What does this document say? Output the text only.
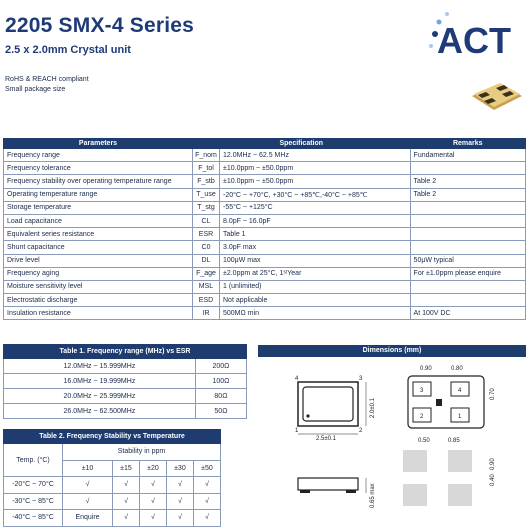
2205 SMX-4 Series
2.5 x 2.0mm Crystal unit
RoHS & REACH compliant
Small package size
ACT
Parameters	Specification		Remarks
Frequency range	F_nom	12.0MHz ~ 62.5 MHz	Fundamental
Frequency tolerance	F_tol	±10.0ppm ~ ±50.0ppm	
Frequency stability over operating temperature range	F_stb	±10.0ppm ~ ±50.0ppm	Table 2
Operating temperature range	T_use	-20°C ~ +70°C, +30°C ~ +85℃,-40°C ~ +85℃	Table 2
Storage temperature	T_stg	-55°C ~ +125°C	
Load capacitance	CL	8.0pF ~ 16.0pF	
Equivalent series resistance	ESR	Table 1	
Shunt capacitance	C0	3.0pF max	
Drive level	DL	100μW max	50μW typical
Frequency aging	F_age	±2.0ppm at 25°C, 1ˢᵗYear	For ±1.0ppm please enquire
Moisture sensitivity level	MSL	1 (unlimited)	
Electrostatic discharge	ESD	Not applicable	
Insulation resistance	IR	500MΩ min	At 100V DC
Table 1. Frequency range (MHz) vs ESR	
12.0MHz ~ 15.999MHz	200Ω
16.0MHz ~ 19.999MHz	100Ω
20.0MHz ~ 25.999MHz	80Ω
26.0MHz ~ 62.500MHz	50Ω
Table 2. Frequency Stability vs Temperature					
Temp. (°C)	Stability in ppm				
	±10	±15	±20	±30	±50
-20°C ~ 70°C	√	√	√	√	√
-30°C ~ 85°C	√	√	√	√	√
-40°C ~ 85°C	Enquire	√	√	√	√
Dimensions (mm)
4	3
1	2
2.5±0.1
2.0±0.1
0.65 max
0.90	0.80
3	4
2	1
0.70
0.50	0.85
0.90
0.40
